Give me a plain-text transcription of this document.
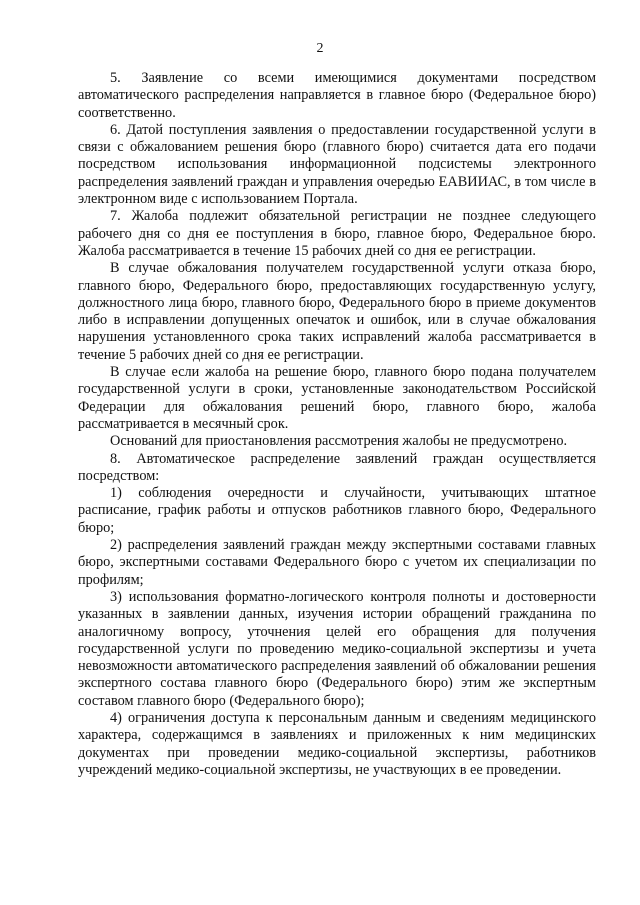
2

5. Заявление со всеми имеющимися документами посредством автоматического распределения направляется в главное бюро (Федеральное бюро) соответственно.

6. Датой поступления заявления о предоставлении государственной услуги в связи с обжалованием решения бюро (главного бюро) считается дата его подачи посредством использования информационной подсистемы электронного распределения заявлений граждан и управления очередью ЕАВИИАС, в том числе в электронном виде с использованием Портала.

7. Жалоба подлежит обязательной регистрации не позднее следующего рабочего дня со дня ее поступления в бюро, главное бюро, Федеральное бюро. Жалоба рассматривается в течение 15 рабочих дней со дня ее регистрации.

В случае обжалования получателем государственной услуги отказа бюро, главного бюро, Федерального бюро, предоставляющих государственную услугу, должностного лица бюро, главного бюро, Федерального бюро в приеме документов либо в исправлении допущенных опечаток и ошибок, или в случае обжалования нарушения установленного срока таких исправлений жалоба рассматривается в течение 5 рабочих дней со дня ее регистрации.

В случае если жалоба на решение бюро, главного бюро подана получателем государственной услуги в сроки, установленные законодательством Российской Федерации для обжалования решений бюро, главного бюро, жалоба рассматривается в месячный срок.

Оснований для приостановления рассмотрения жалобы не предусмотрено.

8. Автоматическое распределение заявлений граждан осуществляется посредством:

1) соблюдения очередности и случайности, учитывающих штатное расписание, график работы и отпусков работников главного бюро, Федерального бюро;

2) распределения заявлений граждан между экспертными составами главных бюро, экспертными составами Федерального бюро с учетом их специализации по профилям;

3) использования форматно-логического контроля полноты и достоверности указанных в заявлении данных, изучения истории обращений гражданина по аналогичному вопросу, уточнения целей его обращения для получения государственной услуги по проведению медико-социальной экспертизы и учета невозможности автоматического распределения заявлений об обжаловании решения экспертного состава главного бюро (Федерального бюро) этим же экспертным составом главного бюро (Федерального бюро);

4) ограничения доступа к персональным данным и сведениям медицинского характера, содержащимся в заявлениях и приложенных к ним медицинских документах при проведении медико-социальной экспертизы, работников учреждений медико-социальной экспертизы, не участвующих в ее проведении.
